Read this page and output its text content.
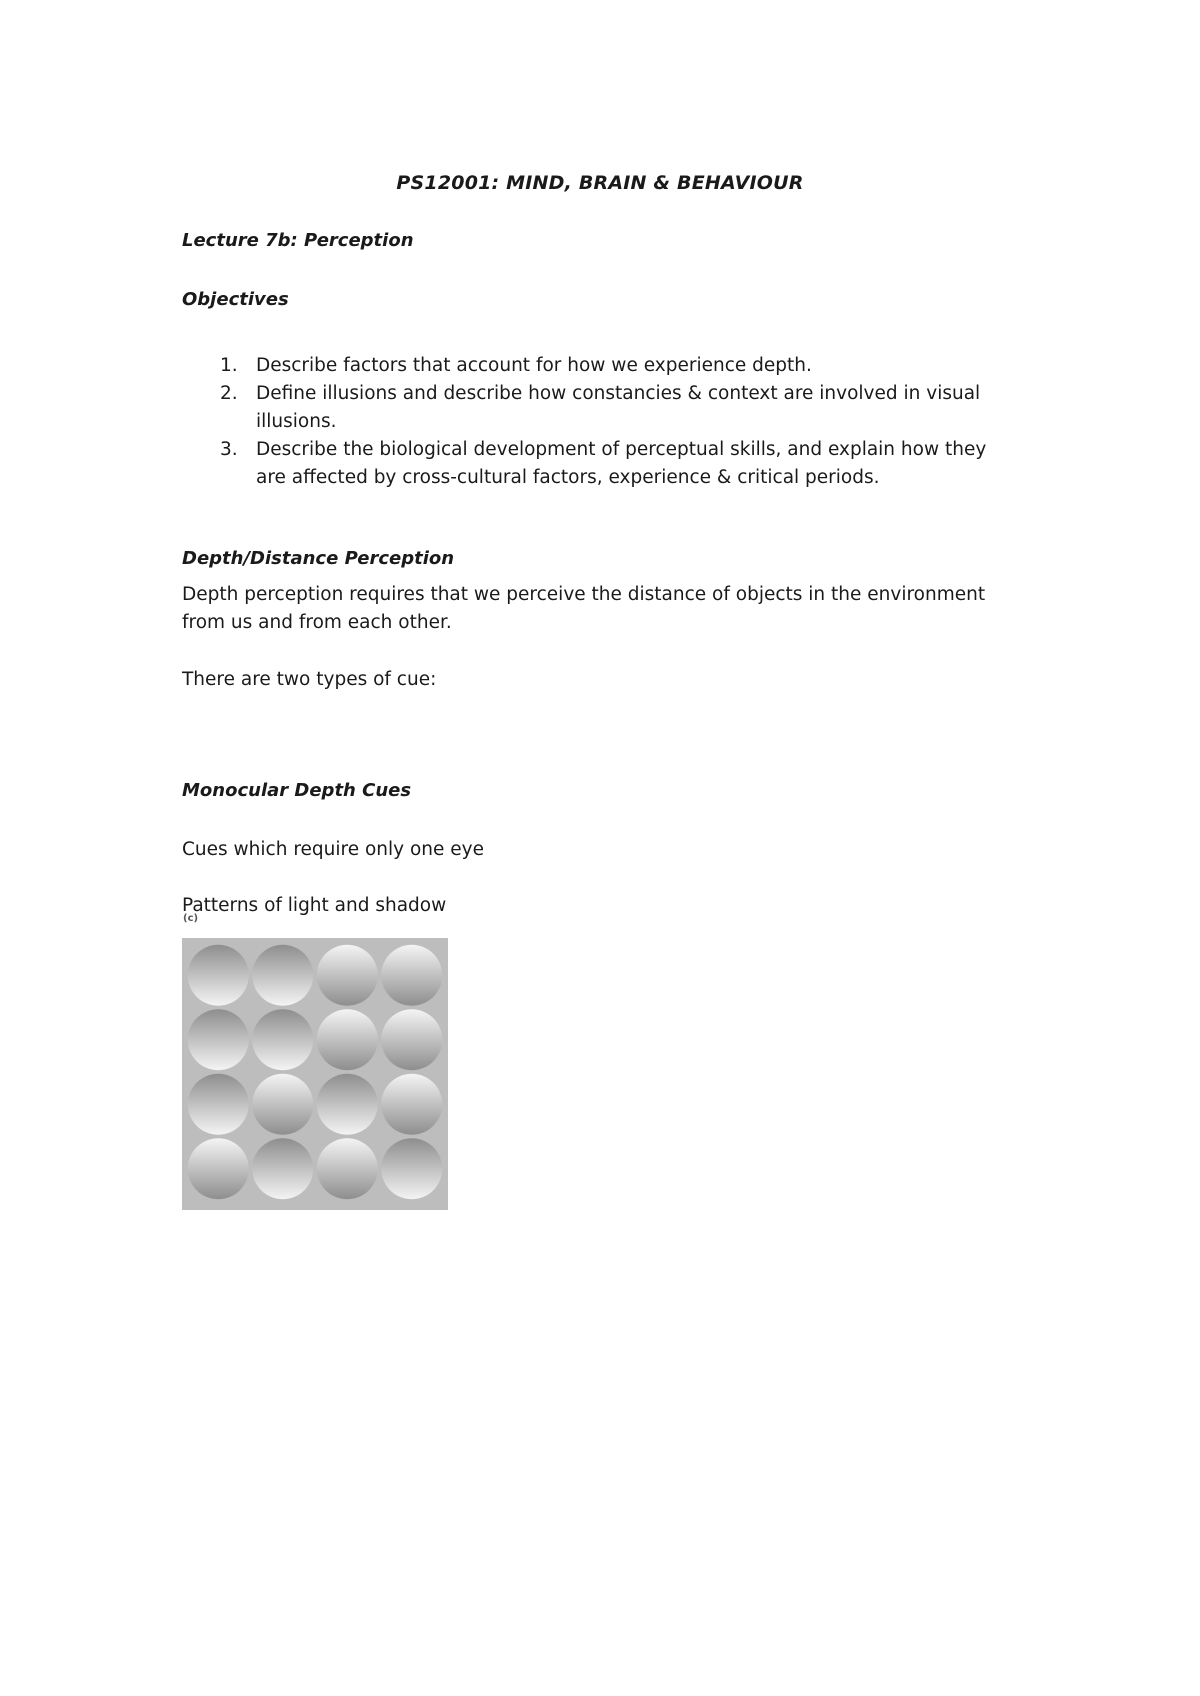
PS12001: MIND, BRAIN & BEHAVIOUR
Lecture 7b: Perception
Objectives
1. Describe factors that account for how we experience depth.
2. Define illusions and describe how constancies & context are involved in visual illusions.
3. Describe the biological development of perceptual skills, and explain how they are affected by cross-cultural factors, experience & critical periods.
Depth/Distance Perception
Depth perception requires that we perceive the distance of objects in the environment from us and from each other.
There are two types of cue:
Monocular Depth Cues
Cues which require only one eye
Patterns of light and shadow
(c)
